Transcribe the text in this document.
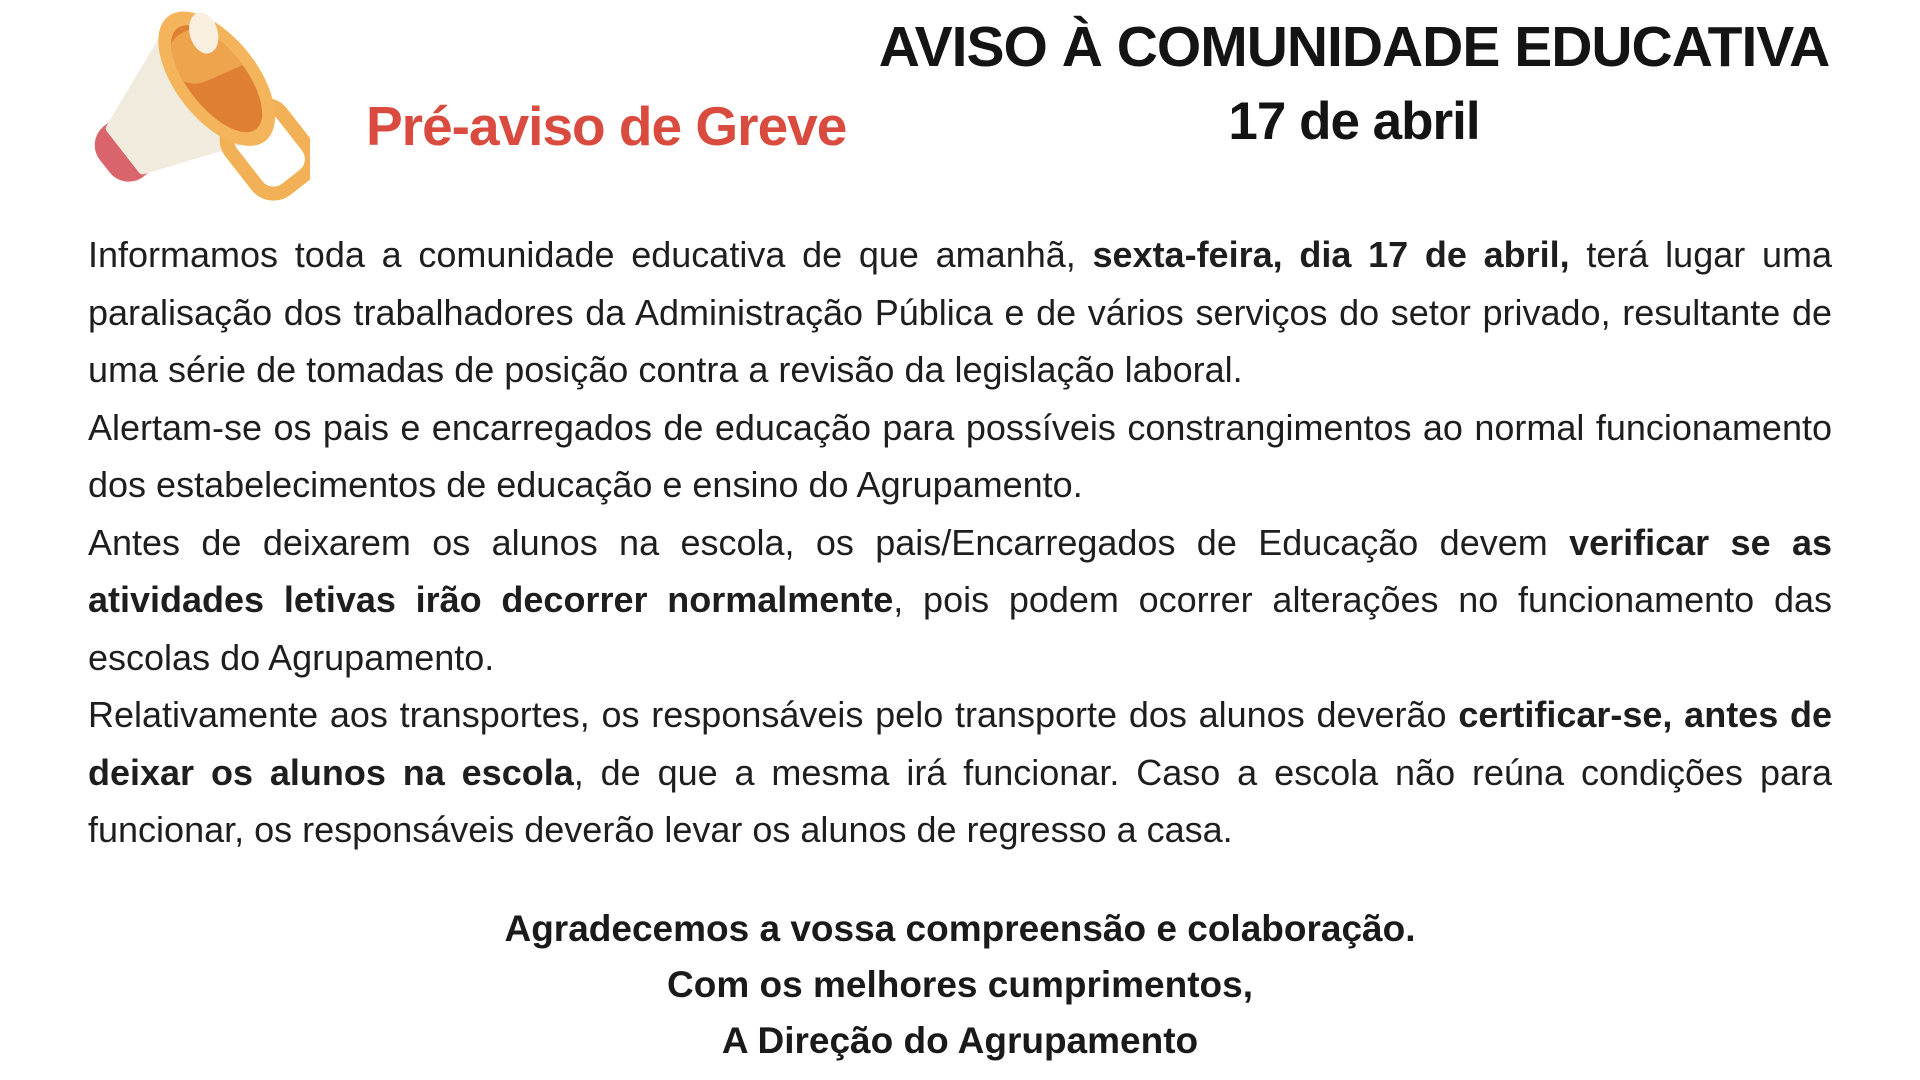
Pré-aviso de Greve
AVISO À COMUNIDADE EDUCATIVA
17 de abril

Informamos toda a comunidade educativa de que amanhã, sexta-feira, dia 17 de abril, terá lugar uma paralisação dos trabalhadores da Administração Pública e de vários serviços do setor privado, resultante de uma série de tomadas de posição contra a revisão da legislação laboral.

Alertam-se os pais e encarregados de educação para possíveis constrangimentos ao normal funcionamento dos estabelecimentos de educação e ensino do Agrupamento.

Antes de deixarem os alunos na escola, os pais/Encarregados de Educação devem verificar se as atividades letivas irão decorrer normalmente, pois podem ocorrer alterações no funcionamento das escolas do Agrupamento.

Relativamente aos transportes, os responsáveis pelo transporte dos alunos deverão certificar-se, antes de deixar os alunos na escola, de que a mesma irá funcionar. Caso a escola não reúna condições para funcionar, os responsáveis deverão levar os alunos de regresso a casa.

Agradecemos a vossa compreensão e colaboração.
Com os melhores cumprimentos,
A Direção do Agrupamento
